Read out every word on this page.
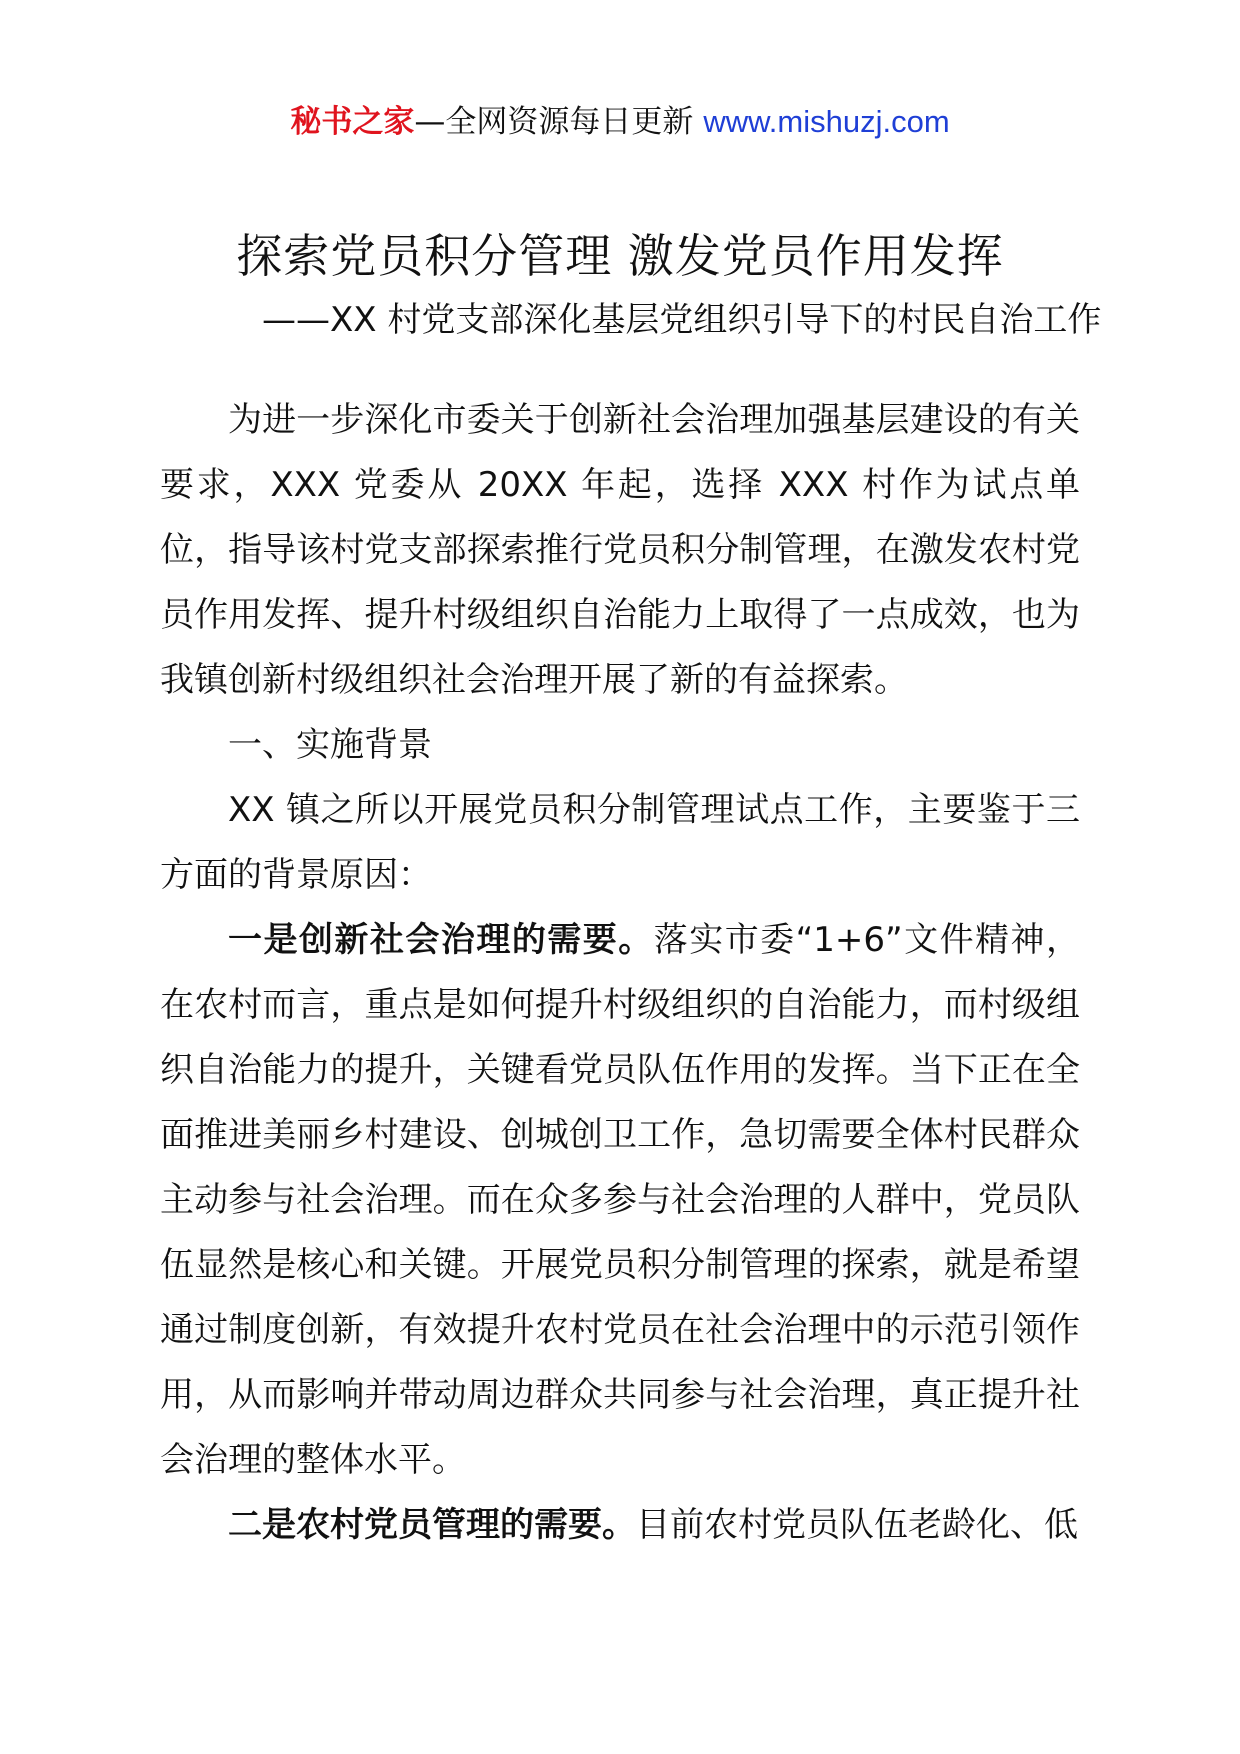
秘书之家—全网资源每日更新 www.mishuzj.com
探索党员积分管理 激发党员作用发挥
——XX 村党支部深化基层党组织引导下的村民自治工作

为进一步深化市委关于创新社会治理加强基层建设的有关要求，XXX 党委从 20XX 年起，选择 XXX 村作为试点单位，指导该村党支部探索推行党员积分制管理，在激发农村党员作用发挥、提升村级组织自治能力上取得了一点成效，也为我镇创新村级组织社会治理开展了新的有益探索。

一、实施背景

XX 镇之所以开展党员积分制管理试点工作，主要鉴于三方面的背景原因：

一是创新社会治理的需要。落实市委“1+6”文件精神，在农村而言，重点是如何提升村级组织的自治能力，而村级组织自治能力的提升，关键看党员队伍作用的发挥。当下正在全面推进美丽乡村建设、创城创卫工作，急切需要全体村民群众主动参与社会治理。而在众多参与社会治理的人群中，党员队伍显然是核心和关键。开展党员积分制管理的探索，就是希望通过制度创新，有效提升农村党员在社会治理中的示范引领作用，从而影响并带动周边群众共同参与社会治理，真正提升社会治理的整体水平。

二是农村党员管理的需要。目前农村党员队伍老龄化、低
